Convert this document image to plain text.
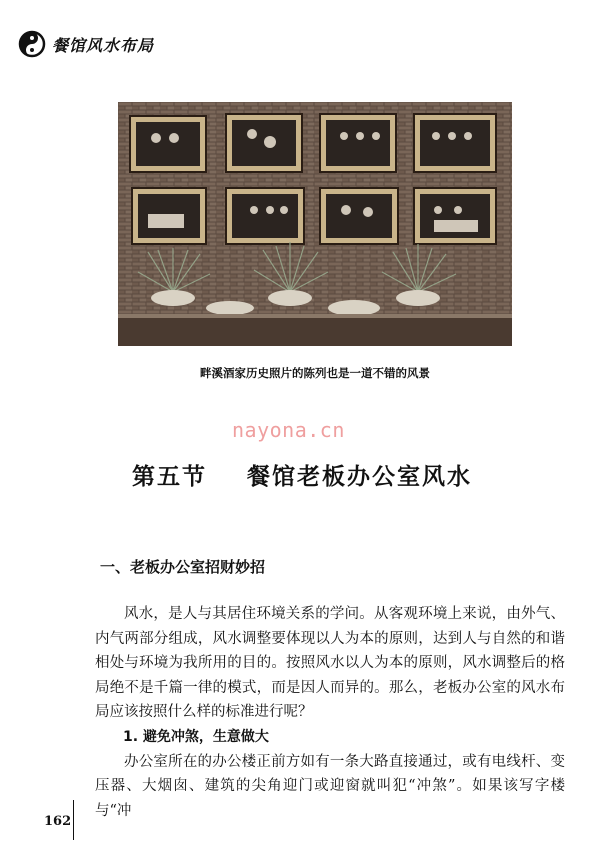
餐馆风水布局
畔溪酒家历史照片的陈列也是一道不错的风景
nayona.cn
第五节 餐馆老板办公室风水
一、老板办公室招财妙招

风水，是人与其居住环境关系的学问。从客观环境上来说，由外气、内气两部分组成，风水调整要体现以人为本的原则，达到人与自然的和谐相处与环境为我所用的目的。按照风水以人为本的原则，风水调整后的格局绝不是千篇一律的模式，而是因人而异的。那么，老板办公室的风水布局应该按照什么样的标准进行呢？

1. 避免冲煞，生意做大

办公室所在的办公楼正前方如有一条大路直接通过，或有电线杆、变压器、大烟囱、建筑的尖角迎门或迎窗就叫犯“冲煞”。如果该写字楼与“冲

162
